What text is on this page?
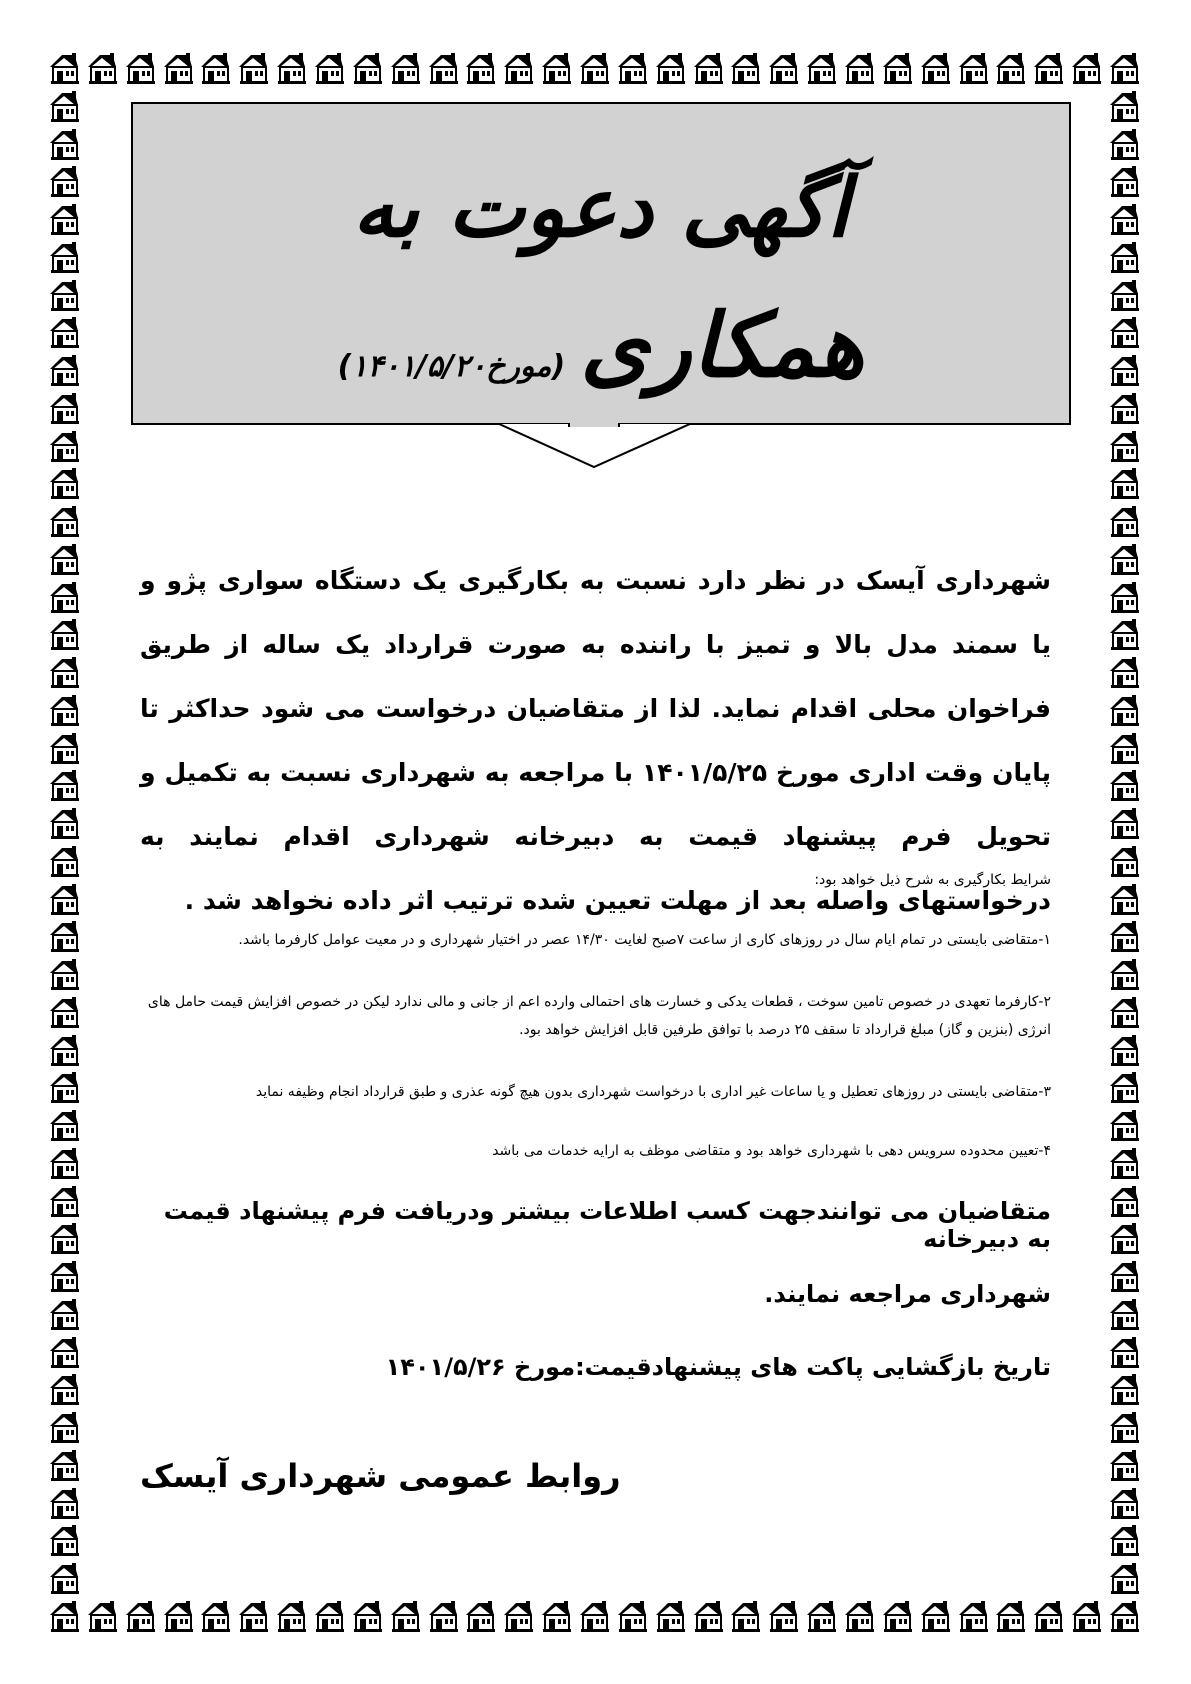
آگهی دعوت به
همکاری (مورخ۱۴۰۱/۵/۲۰)
شهرداری آیسک در نظر دارد نسبت به بکارگیری یک دستگاه سواری پژو و یا سمند مدل بالا و تمیز با راننده به صورت قرارداد یک ساله از طریق فراخوان محلی اقدام نماید. لذا از متقاضیان درخواست می شود حداکثر تا پایان وقت اداری مورخ ۱۴۰۱/۵/۲۵ با مراجعه به شهرداری نسبت به تکمیل و تحویل فرم پیشنهاد قیمت به دبیرخانه شهرداری اقدام نمایند به درخواستهای واصله بعد از مهلت تعیین شده ترتیب اثر داده نخواهد شد .
شرایط بکارگیری به شرح ذیل خواهد بود:
۱-متقاضی بایستی در تمام ایام سال در روزهای کاری از ساعت ۷صبح لغایت ۱۴/۳۰ عصر در اختیار شهرداری و در معیت عوامل کارفرما باشد.
۲-کارفرما تعهدی در خصوص تامین سوخت ، قطعات یدکی و خسارت های احتمالی وارده اعم از جانی و مالی ندارد لیکن در خصوص افزایش قیمت حامل های انرژی (بنزین و گاز) مبلغ قرارداد تا سقف ۲۵ درصد با توافق طرفین قابل افزایش خواهد بود.
۳-متقاضی بایستی در روزهای تعطیل و یا ساعات غیر اداری با درخواست شهرداری بدون هیچ گونه عذری و طبق قرارداد انجام وظیفه نماید
۴-تعیین محدوده سرویس دهی با شهرداری خواهد بود و متقاضی موظف به ارایه خدمات می باشد
متقاضیان می توانندجهت کسب اطلاعات بیشتر ودریافت فرم پیشنهاد قیمت به دبیرخانه
شهرداری مراجعه نمایند.
تاریخ بازگشایی پاکت های پیشنهادقیمت:مورخ ۱۴۰۱/۵/۲۶
روابط عمومی شهرداری آیسک
